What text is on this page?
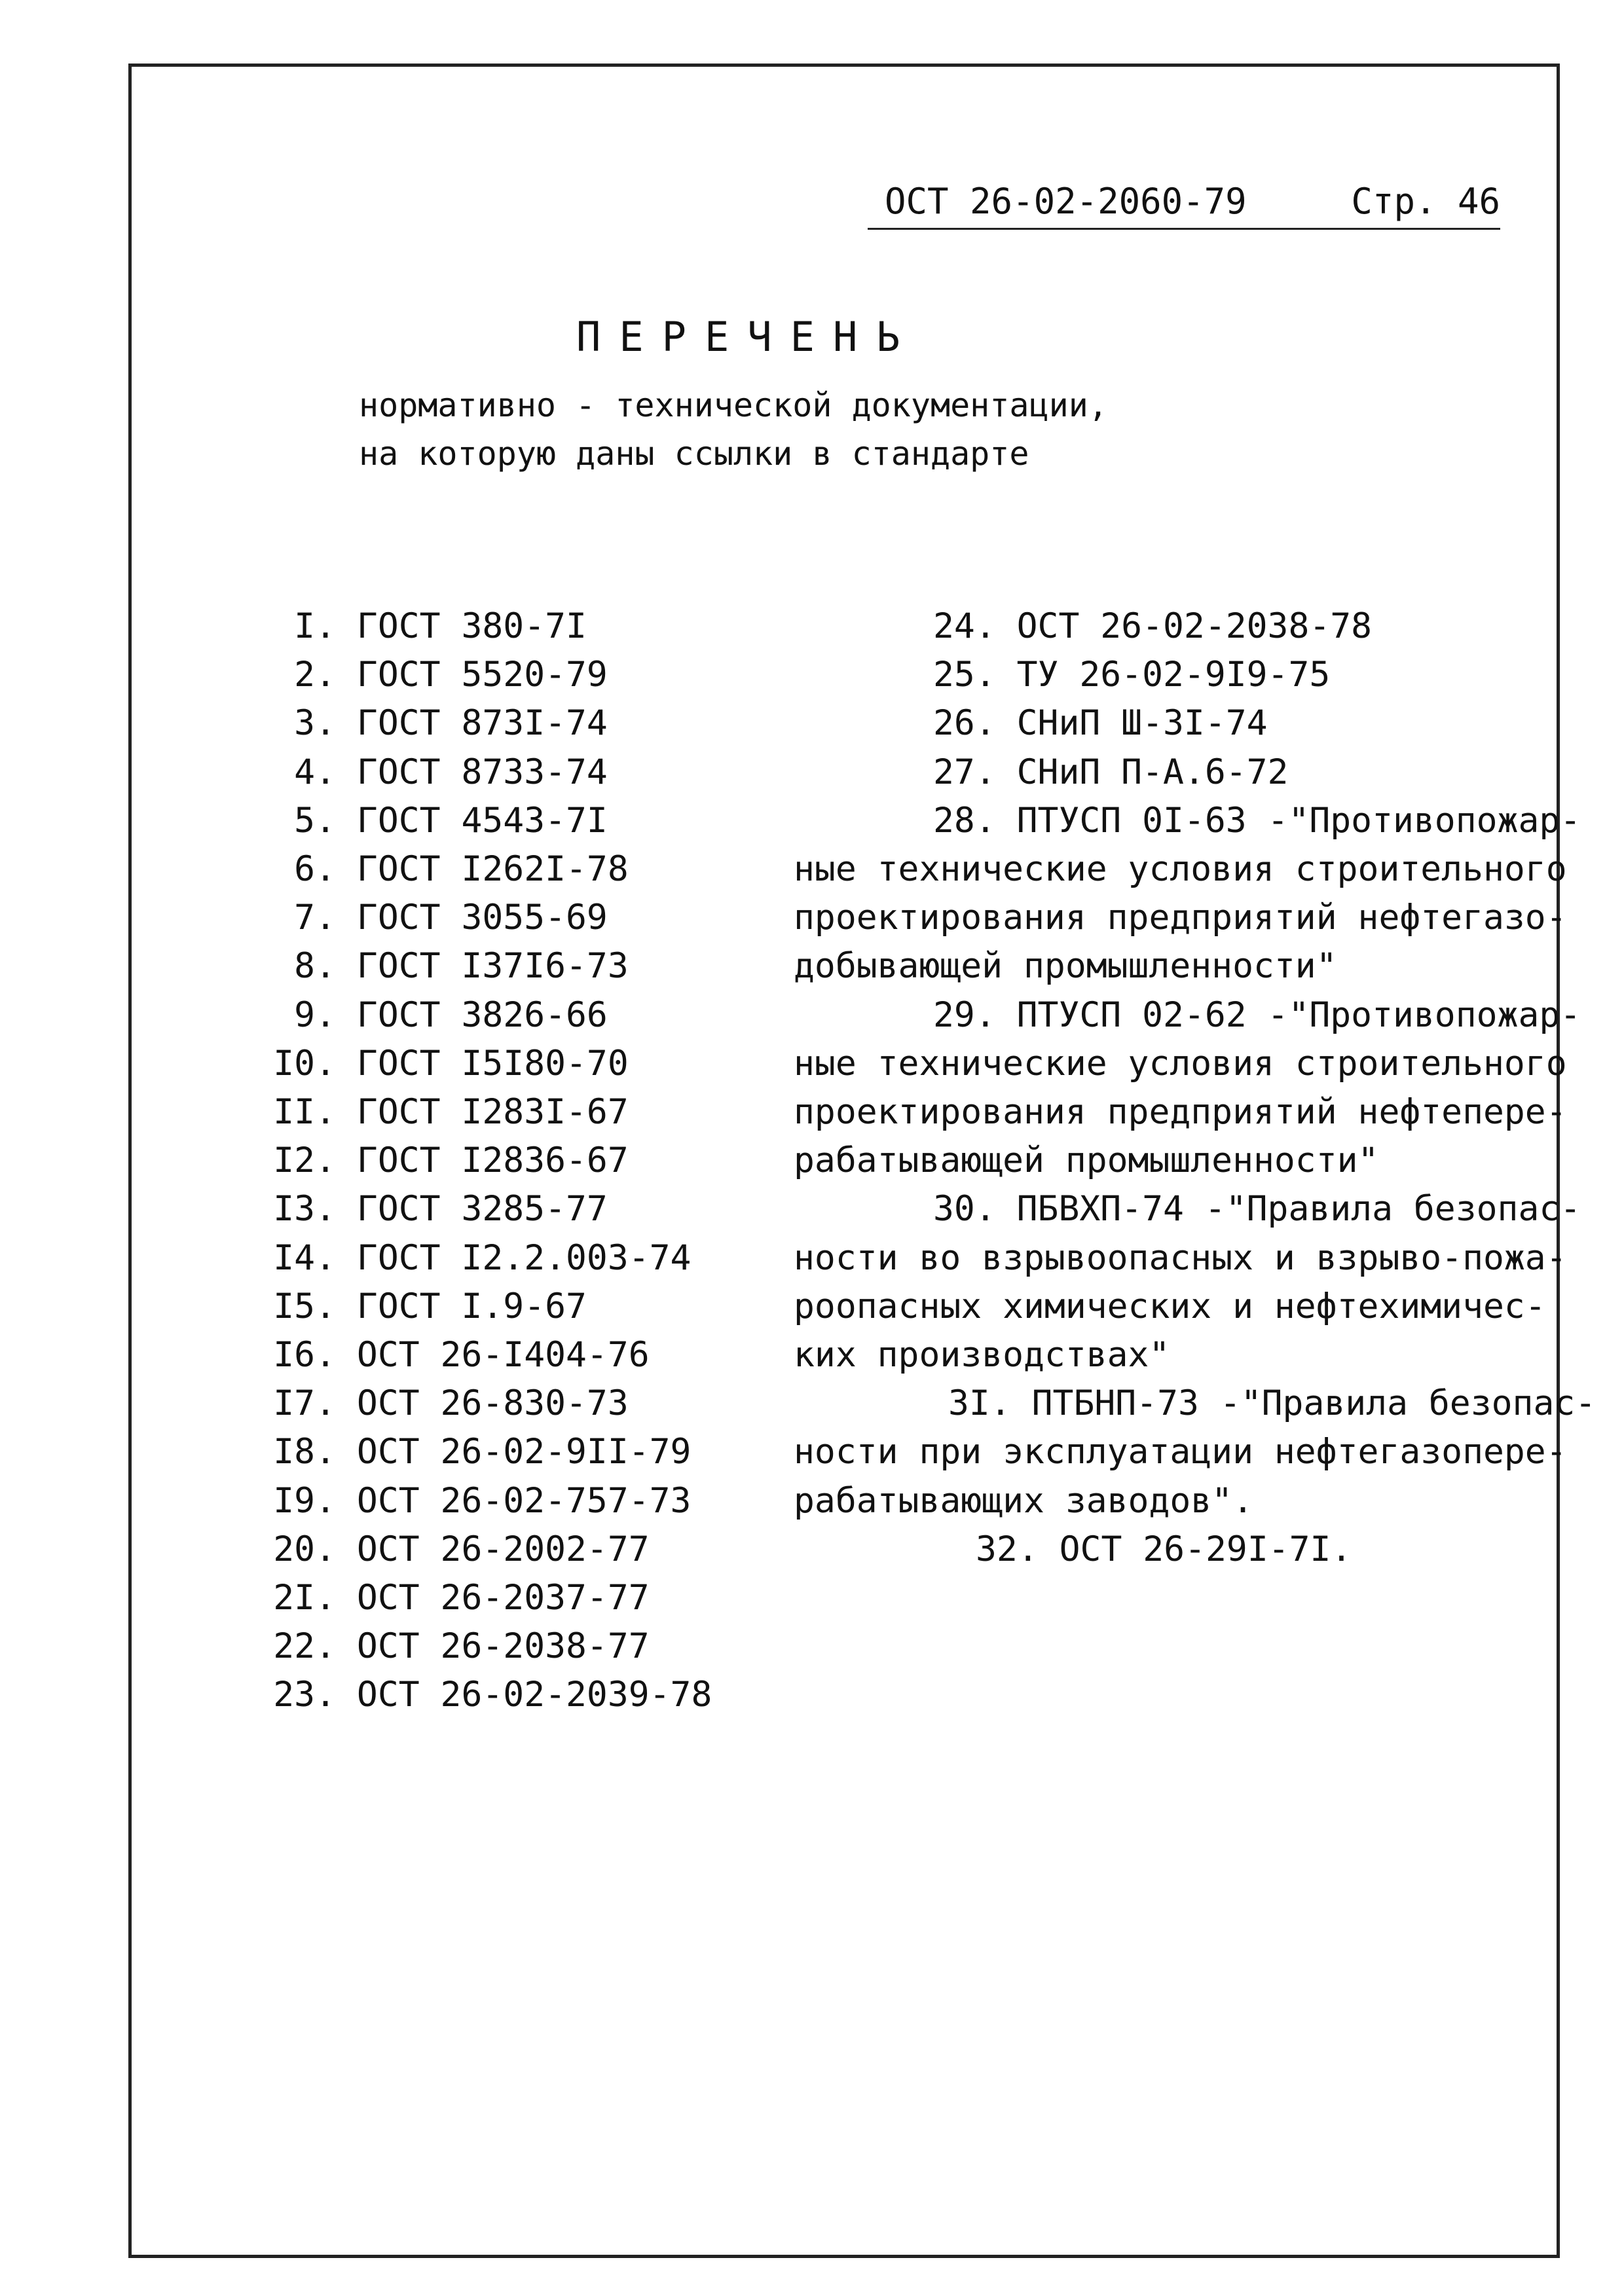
ОСТ 26-02-2060-79	Стр. 46
ПЕРЕЧЕНЬ
нормативно - технической документации,
на которую даны ссылки в стандарте
I. ГОСТ 380-7I
2. ГОСТ 5520-79
3. ГОСТ 873I-74
4. ГОСТ 8733-74
5. ГОСТ 4543-7I
6. ГОСТ I262I-78
7. ГОСТ 3055-69
8. ГОСТ I37I6-73
9. ГОСТ 3826-66
I0. ГОСТ I5I80-70
II. ГОСТ I283I-67
I2. ГОСТ I2836-67
I3. ГОСТ 3285-77
I4. ГОСТ I2.2.003-74
I5. ГОСТ I.9-67
I6. ОСТ 26-I404-76
I7. ОСТ 26-830-73
I8. ОСТ 26-02-9II-79
I9. ОСТ 26-02-757-73
20. ОСТ 26-2002-77
2I. ОСТ 26-2037-77
22. ОСТ 26-2038-77
23. ОСТ 26-02-2039-78
24. ОСТ 26-02-2038-78
25. ТУ 26-02-9I9-75
26. СНиП Ш-3I-74
27. СНиП П-А.6-72
28. ПТУСП 0I-63 -"Противопожар-
ные технические условия строительного
проектирования предприятий нефтегазо-
добывающей промышленности"
29. ПТУСП 02-62 -"Противопожар-
ные технические условия строительного
проектирования предприятий нефтепере-
рабатывающей промышленности"
30. ПБВХП-74 -"Правила безопас-
ности во взрывоопасных и взрыво-пожа-
роопасных химических и нефтехимичес-
ких производствах"
3I. ПТБНП-73 -"Правила безопас-
ности при эксплуатации нефтегазопере-
рабатывающих заводов".
32. ОСТ 26-29I-7I.
